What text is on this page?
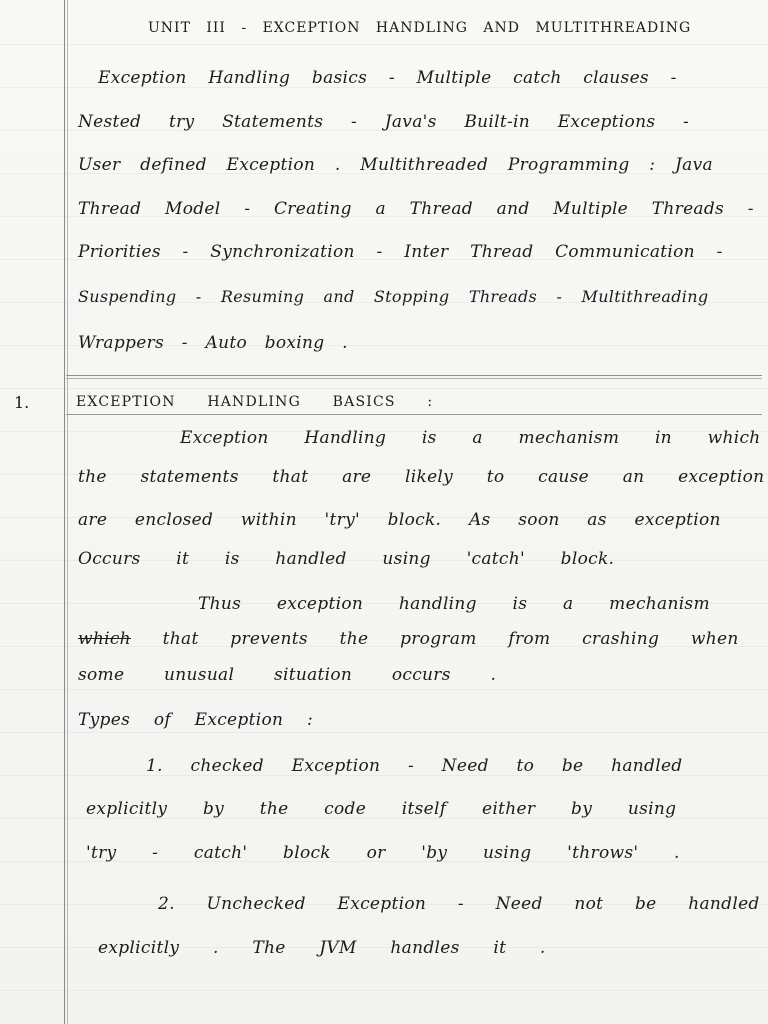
UNIT III - EXCEPTION HANDLING AND MULTITHREADING
Exception Handling basics - Multiple catch clauses -
Nested try Statements - Java's Built-in Exceptions -
User defined Exception . Multithreaded Programming : Java
Thread Model - Creating a Thread and Multiple Threads -
Priorities - Synchronization - Inter Thread Communication -
Suspending - Resuming and Stopping Threads - Multithreading
Wrappers - Auto boxing .
1.	EXCEPTION HANDLING BASICS :
Exception Handling is a mechanism in which
the statements that are likely to cause an exception
are enclosed within 'try' block. As soon as exception
Occurs it is handled using 'catch' block.
Thus exception handling is a mechanism
which that prevents the program from crashing when
some unusual situation occurs .
Types of Exception :
1. checked Exception - Need to be handled
explicitly by the code itself either by using
'try - catch' block or 'by using 'throws' .
2. Unchecked Exception - Need not be handled
explicitly . The JVM handles it .
